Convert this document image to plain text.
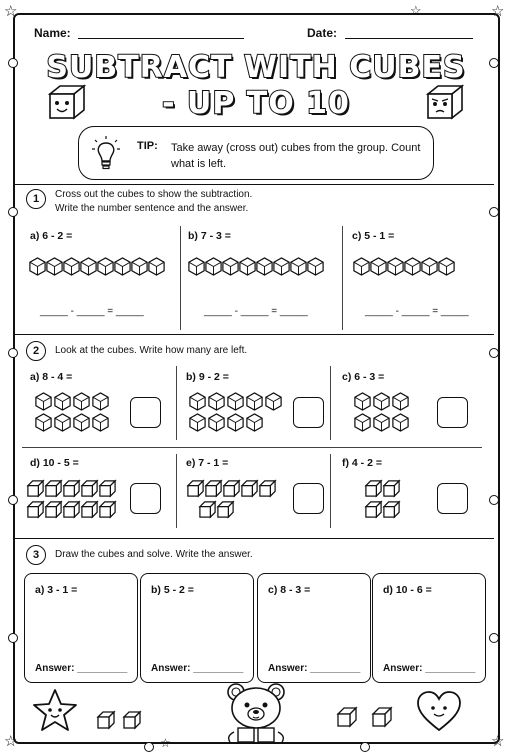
☆	☆
☆	☆
☆
☆
Name:	Date:
SUBTRACT WITH CUBES
- UP TO 10
TIP: Take away (cross out) cubes from the group. Count what is left.
1	Cross out the cubes to show the subtraction.
Write the number sentence and the answer.
a) 6 - 2 =	b) 7 - 3 =	c) 5 - 1 =
_____ - _____ = _____	_____ - _____ = _____	_____ - _____ = _____
2	Look at the cubes. Write how many are left.
a) 8 - 4 =	b) 9 - 2 =	c) 6 - 3 =
d) 10 - 5 =	e) 7 - 1 =	f) 4 - 2 =
3	Draw the cubes and solve. Write the answer.
a) 3 - 1 =
Answer: _________
b) 5 - 2 =
Answer: _________
c) 8 - 3 =
Answer: _________
d) 10 - 6 =
Answer: _________
